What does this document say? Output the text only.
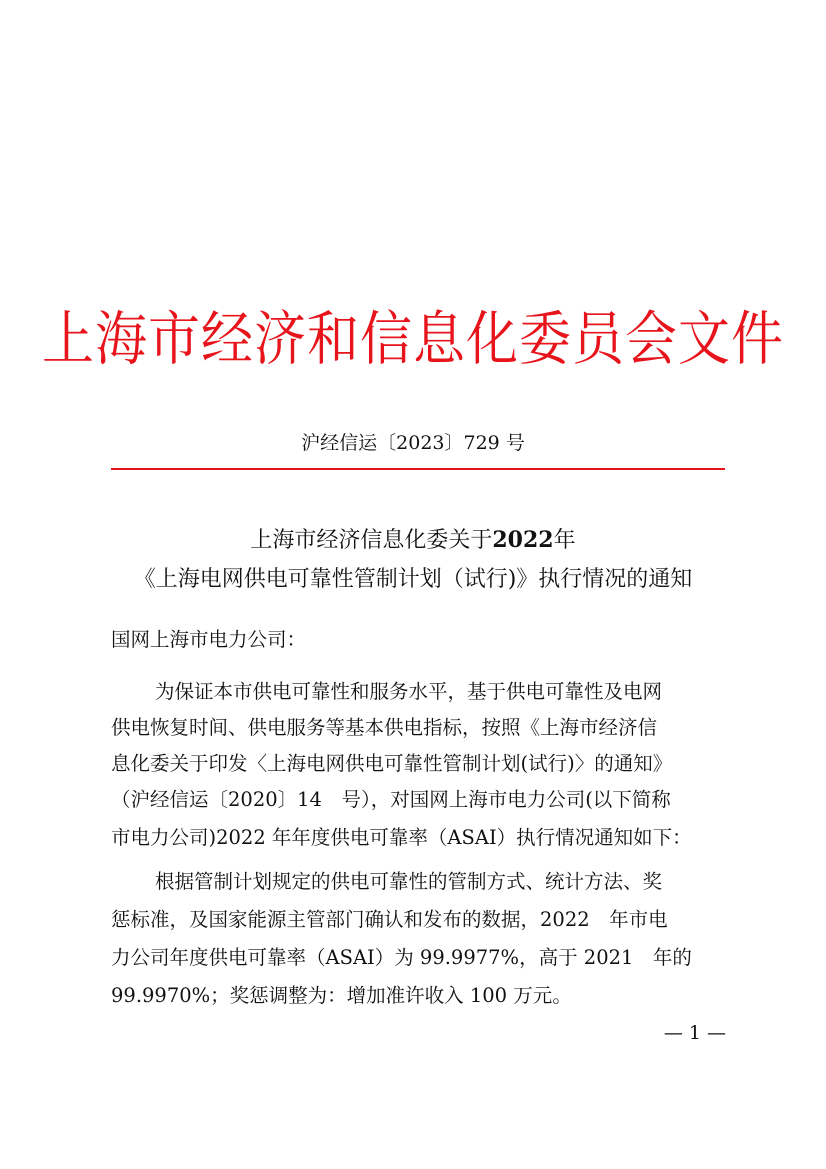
上海市经济和信息化委员会文件
沪经信运〔2023〕729 号
上海市经济信息化委关于2022年
《上海电网供电可靠性管制计划（试行)》执行情况的通知
国网上海市电力公司：
为保证本市供电可靠性和服务水平，基于供电可靠性及电网
供电恢复时间、供电服务等基本供电指标，按照《上海市经济信
息化委关于印发〈上海电网供电可靠性管制计划(试行)〉的通知》
（沪经信运〔2020〕14　号），对国网上海市电力公司(以下简称
市电力公司)2022 年年度供电可靠率（ASAI）执行情况通知如下：
根据管制计划规定的供电可靠性的管制方式、统计方法、奖
惩标准，及国家能源主管部门确认和发布的数据，2022　年市电
力公司年度供电可靠率（ASAI）为 99.9977%，高于 2021　年的
99.9970%；奖惩调整为：增加准许收入 100 万元。
— 1 —
